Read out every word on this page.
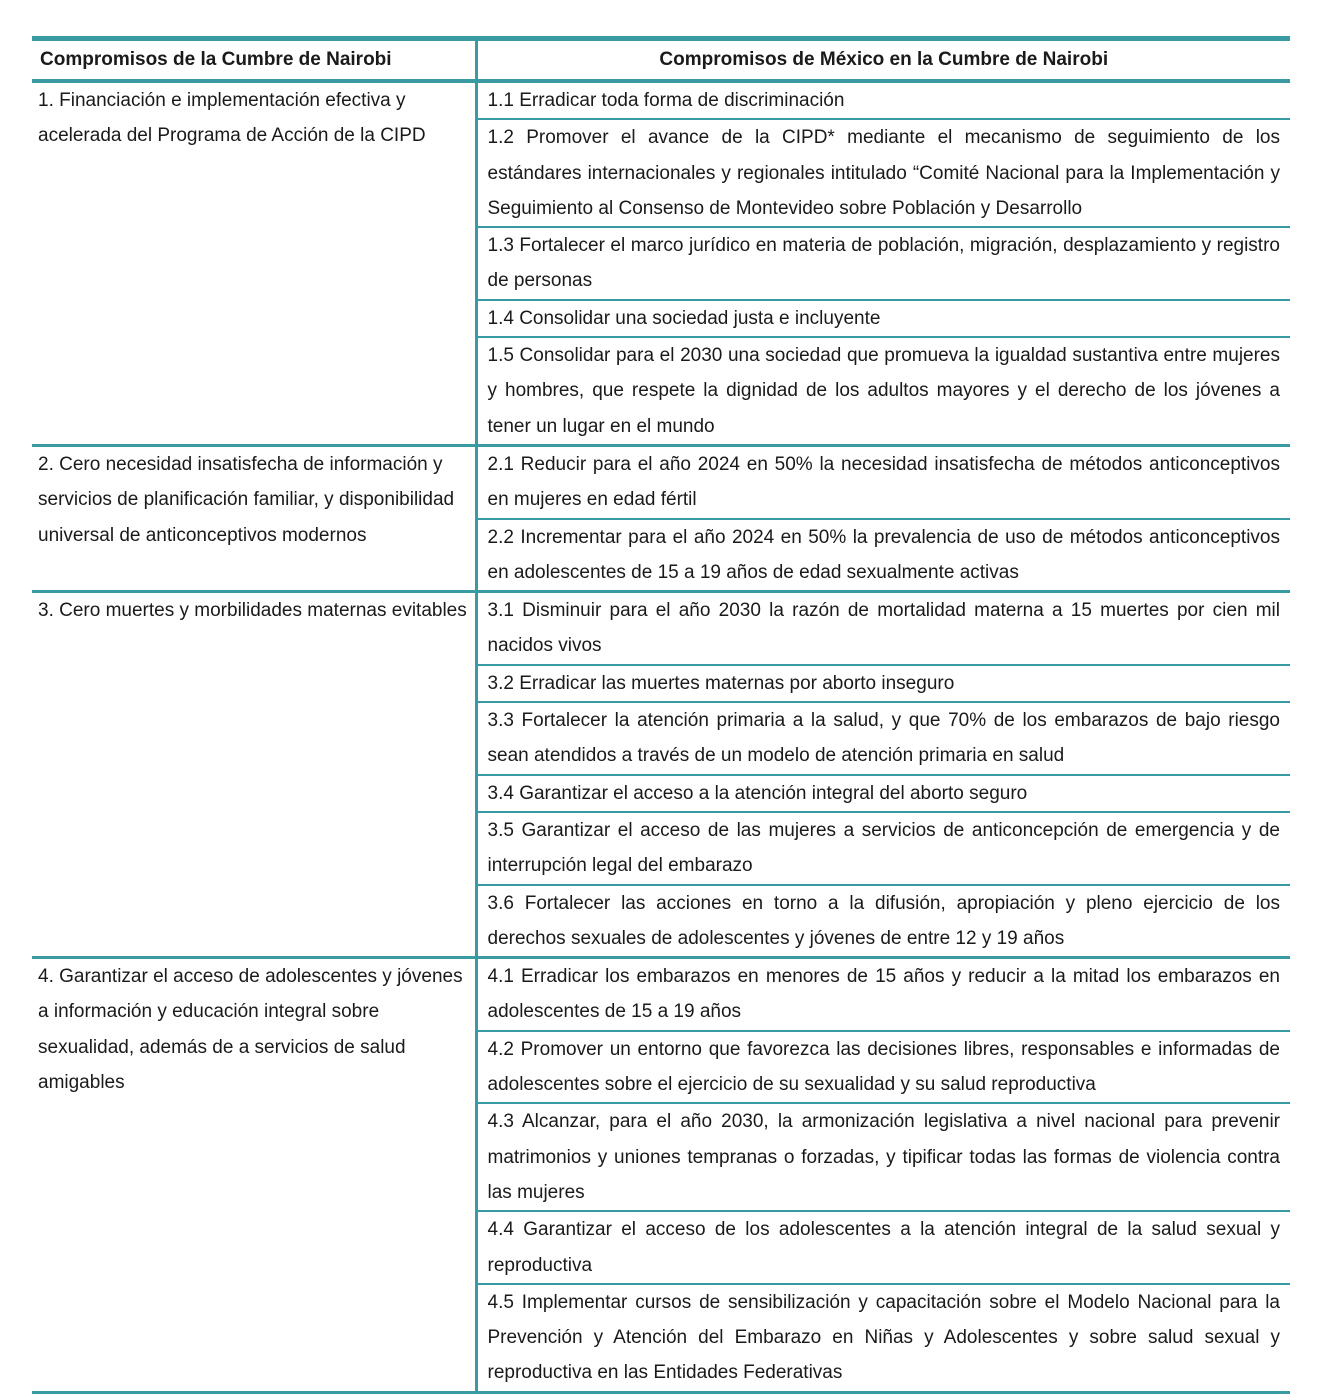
Compromisos de la Cumbre de Nairobi	Compromisos de México en la Cumbre de Nairobi
1. Financiación e implementación efectiva y acelerada del Programa de Acción de la CIPD	1.1 Erradicar toda forma de discriminación
	1.2 Promover el avance de la CIPD* mediante el mecanismo de seguimiento de los estándares internacionales y regionales intitulado “Comité Nacional para la Implementación y Seguimiento al Consenso de Montevideo sobre Población y Desarrollo
	1.3 Fortalecer el marco jurídico en materia de población, migración, desplazamiento y registro de personas
	1.4 Consolidar una sociedad justa e incluyente
	1.5 Consolidar para el 2030 una sociedad que promueva la igualdad sustantiva entre mujeres y hombres, que respete la dignidad de los adultos mayores y el derecho de los jóvenes a tener un lugar en el mundo
2. Cero necesidad insatisfecha de información y servicios de planificación familiar, y disponibilidad universal de anticonceptivos modernos	2.1 Reducir para el año 2024 en 50% la necesidad insatisfecha de métodos anticonceptivos en mujeres en edad fértil
	2.2 Incrementar para el año 2024 en 50% la prevalencia de uso de métodos anticonceptivos en adolescentes de 15 a 19 años de edad sexualmente activas
3. Cero muertes y morbilidades maternas evitables	3.1 Disminuir para el año 2030 la razón de mortalidad materna a 15 muertes por cien mil nacidos vivos
	3.2 Erradicar las muertes maternas por aborto inseguro
	3.3 Fortalecer la atención primaria a la salud, y que 70% de los embarazos de bajo riesgo sean atendidos a través de un modelo de atención primaria en salud
	3.4 Garantizar el acceso a la atención integral del aborto seguro
	3.5 Garantizar el acceso de las mujeres a servicios de anticoncepción de emergencia y de interrupción legal del embarazo
	3.6 Fortalecer las acciones en torno a la difusión, apropiación y pleno ejercicio de los derechos sexuales de adolescentes y jóvenes de entre 12 y 19 años
4. Garantizar el acceso de adolescentes y jóvenes a información y educación integral sobre sexualidad, además de a servicios de salud amigables	4.1 Erradicar los embarazos en menores de 15 años y reducir a la mitad los embarazos en adolescentes de 15 a 19 años
	4.2 Promover un entorno que favorezca las decisiones libres, responsables e informadas de adolescentes sobre el ejercicio de su sexualidad y su salud reproductiva
	4.3 Alcanzar, para el año 2030, la armonización legislativa a nivel nacional para prevenir matrimonios y uniones tempranas o forzadas, y tipificar todas las formas de violencia contra las mujeres
	4.4 Garantizar el acceso de los adolescentes a la atención integral de la salud sexual y reproductiva
	4.5 Implementar cursos de sensibilización y capacitación sobre el Modelo Nacional para la Prevención y Atención del Embarazo en Niñas y Adolescentes y sobre salud sexual y reproductiva en las Entidades Federativas
